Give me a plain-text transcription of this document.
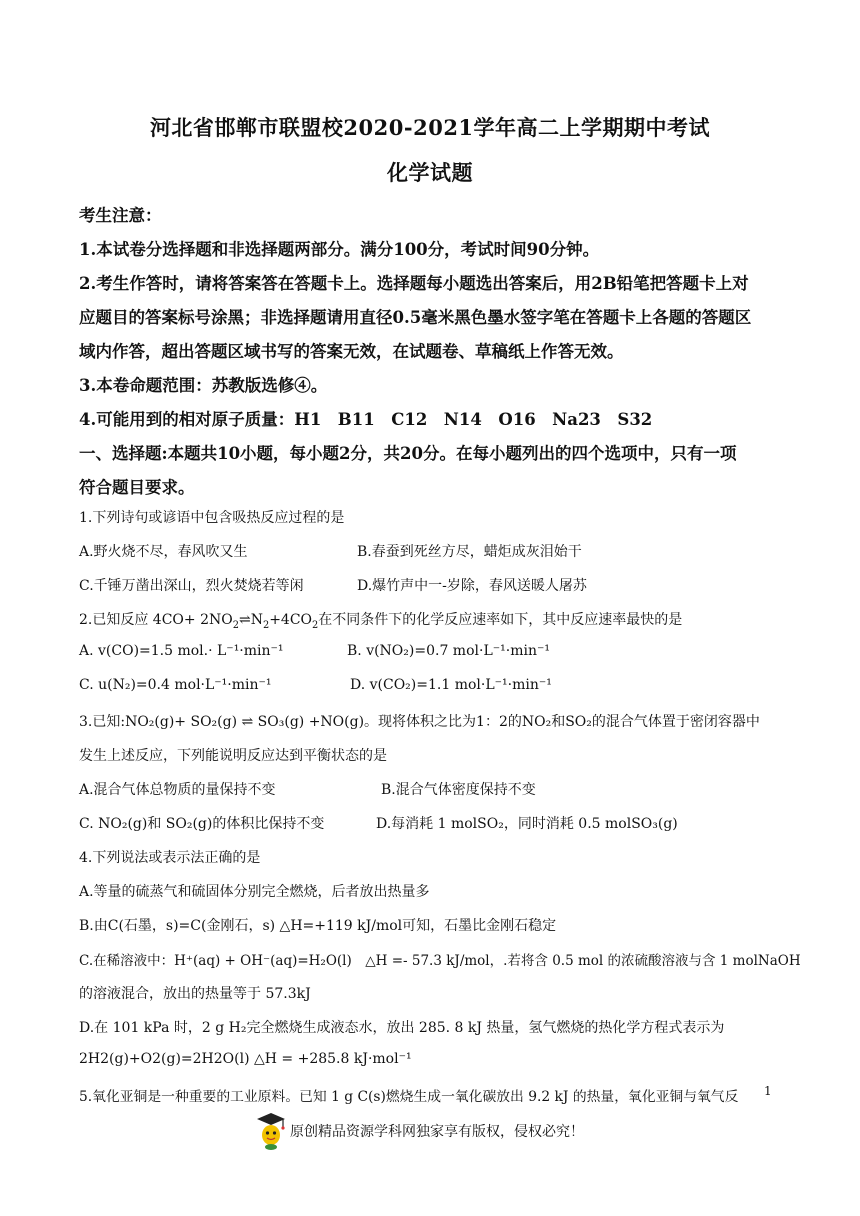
河北省邯郸市联盟校2020-2021学年高二上学期期中考试
化学试题
考生注意：
1.本试卷分选择题和非选择题两部分。满分100分，考试时间90分钟。
2.考生作答时，请将答案答在答题卡上。选择题每小题选出答案后，用2B铅笔把答题卡上对
应题目的答案标号涂黑；非选择题请用直径0.5毫米黑色墨水签字笔在答题卡上各题的答题区
域内作答，超出答题区域书写的答案无效，在试题卷、草稿纸上作答无效。
3.本卷命题范围：苏教版选修④。
4.可能用到的相对原子质量：H1　B11　C12　N14　O16　Na23　S32
一、选择题:本题共10小题，每小题2分，共20分。在每小题列出的四个选项中，只有一项
符合题目要求。
1.下列诗句或谚语中包含吸热反应过程的是
A.野火烧不尽，春风吹又生	B.春蚕到死丝方尽，蜡炬成灰泪始干
C.千锤万凿出深山，烈火焚烧若等闲	D.爆竹声中一-岁除，春风送暖人屠苏
2.已知反应 $4CO+ 2NO_2\rightleftharpoons N_2+4CO_2$在不同条件下的化学反应速率如下，其中反应速率最快的是
A. v(CO)=1.5 mol.· L⁻¹·min⁻¹	B. v(NO₂)=0.7 mol·L⁻¹·min⁻¹
C. u(N₂)=0.4 mol·L⁻¹·min⁻¹	D. v(CO₂)=1.1 mol·L⁻¹·min⁻¹
3.已知:NO₂(g)+ SO₂(g) ⇌ SO₃(g) +NO(g)。现将体积之比为1：2的NO₂和SO₂的混合气体置于密闭容器中
发生上述反应，下列能说明反应达到平衡状态的是
A.混合气体总物质的量保持不变	B.混合气体密度保持不变
C. NO₂(g)和 SO₂(g)的体积比保持不变	D.每消耗 1 molSO₂，同时消耗 0.5 molSO₃(g)
4.下列说法或表示法正确的是
A.等量的硫蒸气和硫固体分别完全燃烧，后者放出热量多
B.由C(石墨，s)=C(金刚石，s) △H=+119 kJ/mol可知，石墨比金刚石稳定
C.在稀溶液中：H⁺(aq) + OH⁻(aq)=H₂O(l)　△H =- 57.3 kJ/mol，.若将含 0.5 mol 的浓硫酸溶液与含 1 molNaOH
的溶液混合，放出的热量等于 57.3kJ
D.在 101 kPa 时，2 g H₂完全燃烧生成液态水，放出 285. 8 kJ 热量，氢气燃烧的热化学方程式表示为
2H2(g)+O2(g)=2H2O(l) △H = +285.8 kJ·mol⁻¹
5.氧化亚铜是一种重要的工业原料。已知 1 g C(s)燃烧生成一氧化碳放出 9.2 kJ 的热量，氧化亚铜与氧气反 1
原创精品资源学科网独家享有版权，侵权必究！
